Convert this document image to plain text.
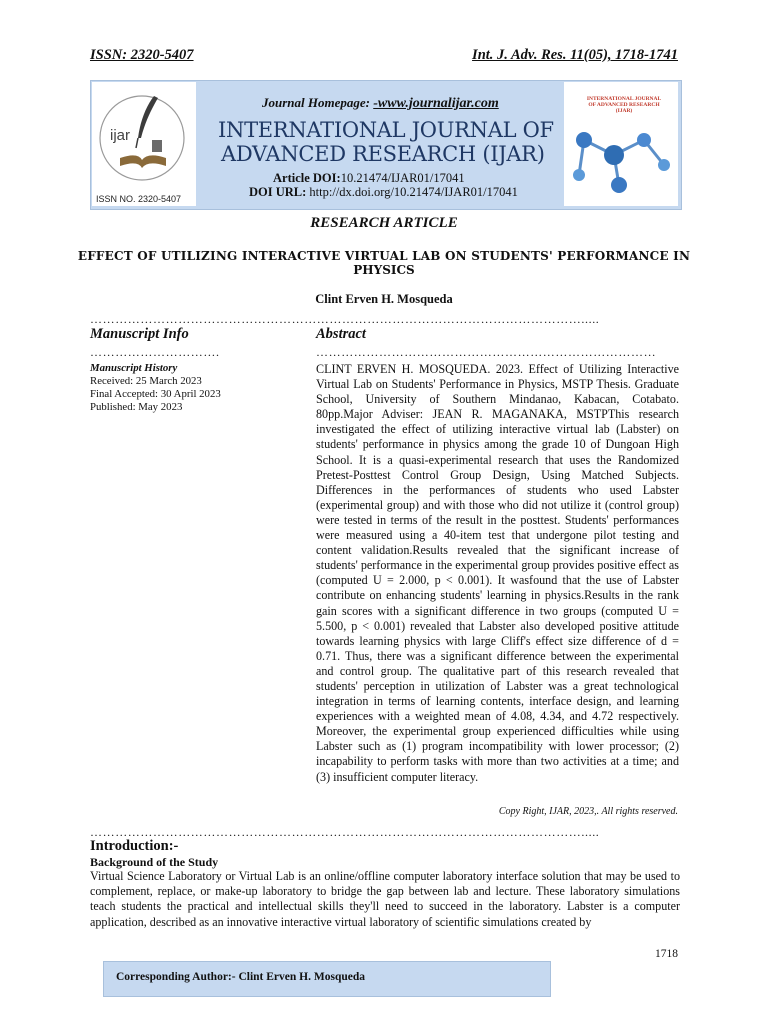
ISSN: 2320-5407	Int. J. Adv. Res. 11(05), 1718-1741
ijar
ISSN NO. 2320-5407
Journal Homepage: -www.journalijar.com
INTERNATIONAL JOURNAL OF
ADVANCED RESEARCH (IJAR)
Article DOI:10.21474/IJAR01/17041
DOI URL: http://dx.doi.org/10.21474/IJAR01/17041
INTERNATIONAL JOURNAL OF ADVANCED RESEARCH (IJAR)
RESEARCH ARTICLE
EFFECT OF UTILIZING INTERACTIVE VIRTUAL LAB ON STUDENTS' PERFORMANCE IN
PHYSICS
Clint Erven H. Mosqueda
……………………………………………………………………………………………………….....
Manuscript Info
………………………….
Manuscript History
Received: 25 March 2023
Final Accepted: 30 April 2023
Published: May 2023
Abstract
………………………………………………………………………

CLINT ERVEN H. MOSQUEDA. 2023. Effect of Utilizing Interactive Virtual Lab on Students' Performance in Physics, MSTP Thesis. Graduate School, University of Southern Mindanao, Kabacan, Cotabato. 80pp.Major Adviser: JEAN R. MAGANAKA, MSTPThis research investigated the effect of utilizing interactive virtual lab (Labster) on students' performance in physics among the grade 10 of Dungoan High School. It is a quasi-experimental research that uses the Randomized Pretest-Posttest Control Group Design, Using Matched Subjects. Differences in the performances of students who used Labster (experimental group) and with those who did not utilize it (control group) were tested in terms of the result in the posttest. Students' performances were measured using a 40-item test that undergone pilot testing and content validation.Results revealed that the significant increase of students' performance in the experimental group provides positive effect as (computed U = 2.000, p < 0.001). It wasfound that the use of Labster contribute on enhancing students' learning in physics.Results in the rank gain scores with a significant difference in two groups (computed U = 5.500, p < 0.001) revealed that Labster also developed positive attitude towards learning physics with large Cliff's effect size difference of d = 0.71. Thus, there was a significant difference between the experimental and control group. The qualitative part of this research revealed that students' perception in utilization of Labster was a great technological integration in terms of learning contents, interface design, and learning experiences with a weighted mean of 4.08, 4.34, and 4.72 respectively. Moreover, the experimental group experienced difficulties while using Labster such as (1) program incompatibility with lower processor; (2) incapability to perform tasks with more than two activities at a time; and (3) insufficient computer literacy.

Copy Right, IJAR, 2023,. All rights reserved.
……………………………………………………………………………………………………….....
Introduction:-
Background of the Study

Virtual Science Laboratory or Virtual Lab is an online/offline computer laboratory interface solution that may be used to complement, replace, or make-up laboratory to bridge the gap between lab and lecture. These laboratory simulations teach students the practical and intellectual skills they'll need to succeed in the laboratory. Labster is a computer application, described as an innovative interactive virtual laboratory of scientific simulations created by

1718
Corresponding Author:- Clint Erven H. Mosqueda
